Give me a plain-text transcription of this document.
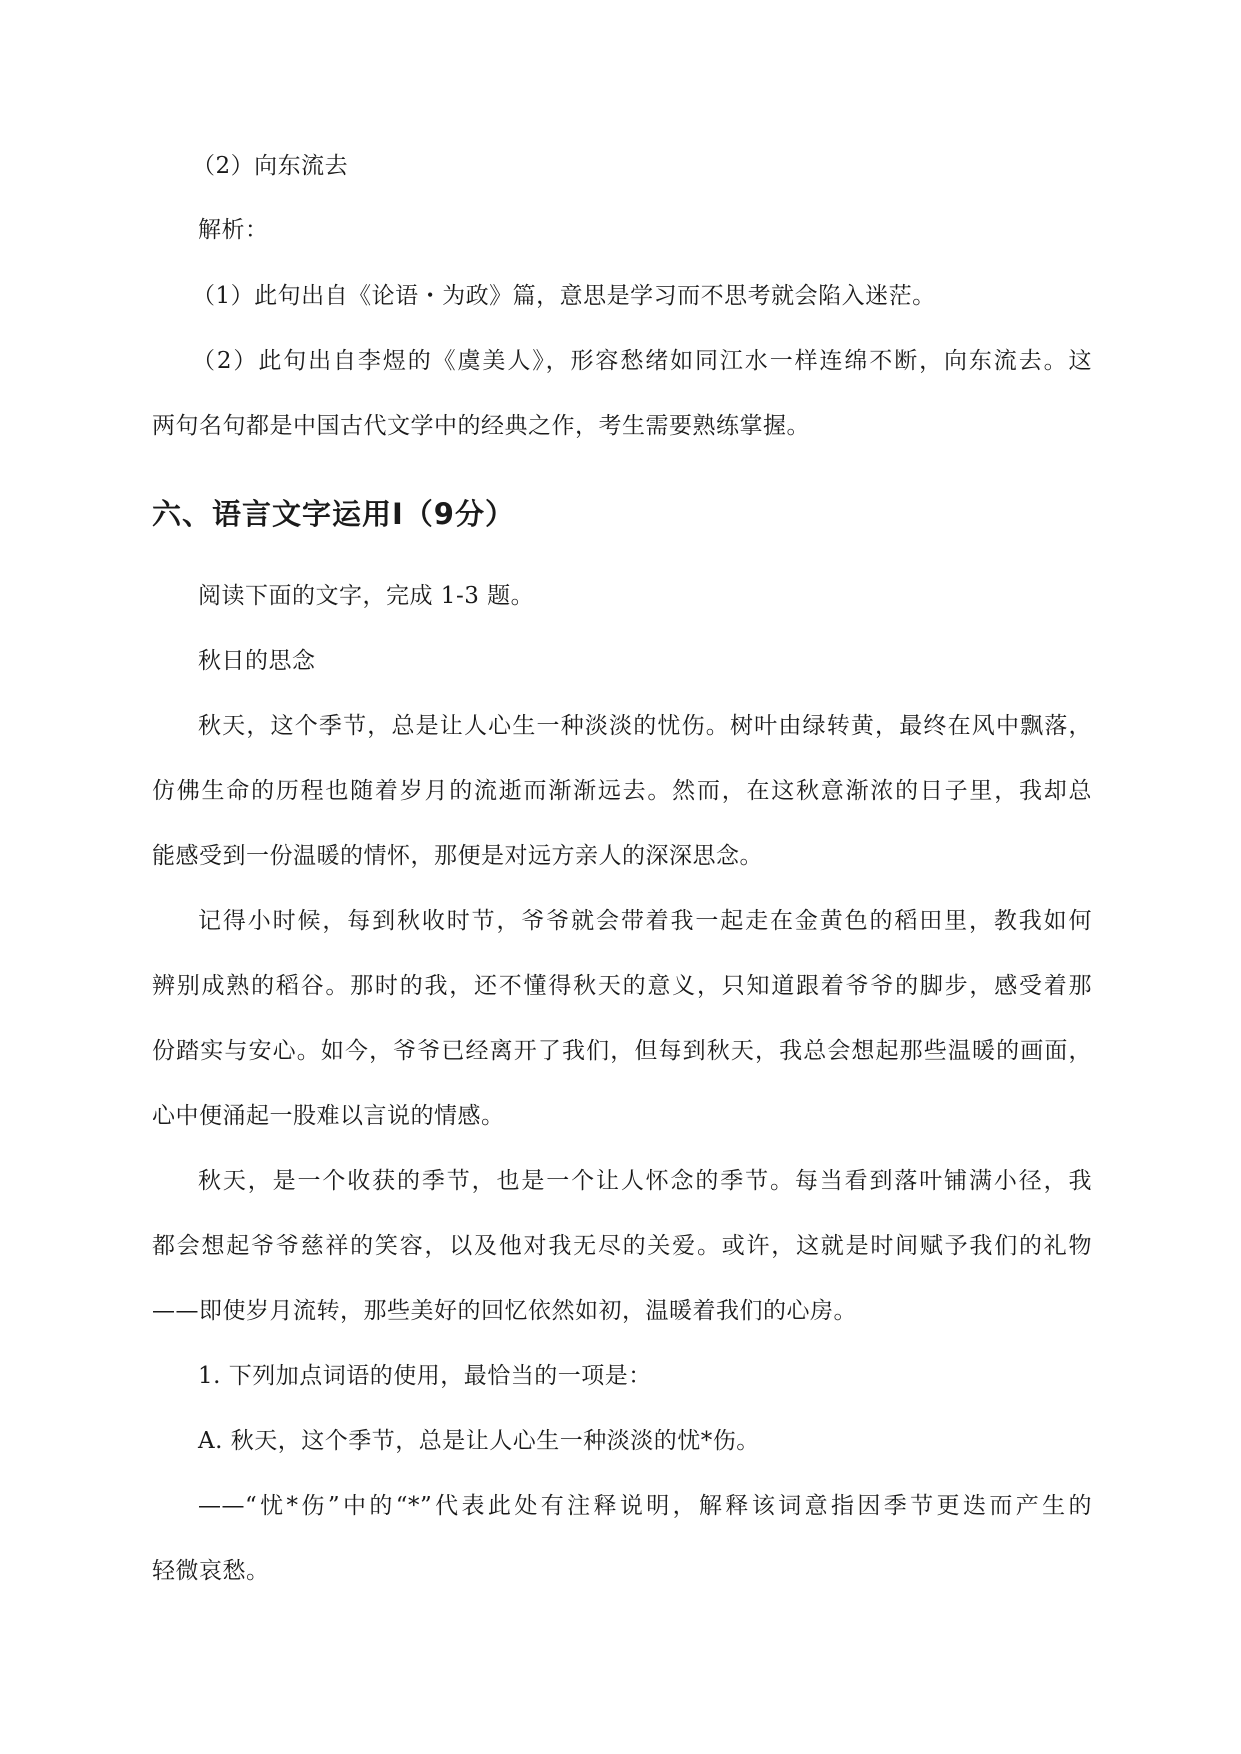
（2）向东流去
解析：
（1）此句出自《论语・为政》篇，意思是学习而不思考就会陷入迷茫。
（2）此句出自李煜的《虞美人》，形容愁绪如同江水一样连绵不断，向东流去。这
两句名句都是中国古代文学中的经典之作，考生需要熟练掌握。
六、语言文字运用Ⅰ（9分）
阅读下面的文字，完成 1-3 题。
秋日的思念
秋天，这个季节，总是让人心生一种淡淡的忧伤。树叶由绿转黄，最终在风中飘落，
仿佛生命的历程也随着岁月的流逝而渐渐远去。然而，在这秋意渐浓的日子里，我却总
能感受到一份温暖的情怀，那便是对远方亲人的深深思念。
记得小时候，每到秋收时节，爷爷就会带着我一起走在金黄色的稻田里，教我如何
辨别成熟的稻谷。那时的我，还不懂得秋天的意义，只知道跟着爷爷的脚步，感受着那
份踏实与安心。如今，爷爷已经离开了我们，但每到秋天，我总会想起那些温暖的画面，
心中便涌起一股难以言说的情感。
秋天，是一个收获的季节，也是一个让人怀念的季节。每当看到落叶铺满小径，我
都会想起爷爷慈祥的笑容，以及他对我无尽的关爱。或许，这就是时间赋予我们的礼物
——即使岁月流转，那些美好的回忆依然如初，温暖着我们的心房。
1. 下列加点词语的使用，最恰当的一项是：
A. 秋天，这个季节，总是让人心生一种淡淡的忧*伤。
——“忧*伤”中的“*”代表此处有注释说明，解释该词意指因季节更迭而产生的
轻微哀愁。
